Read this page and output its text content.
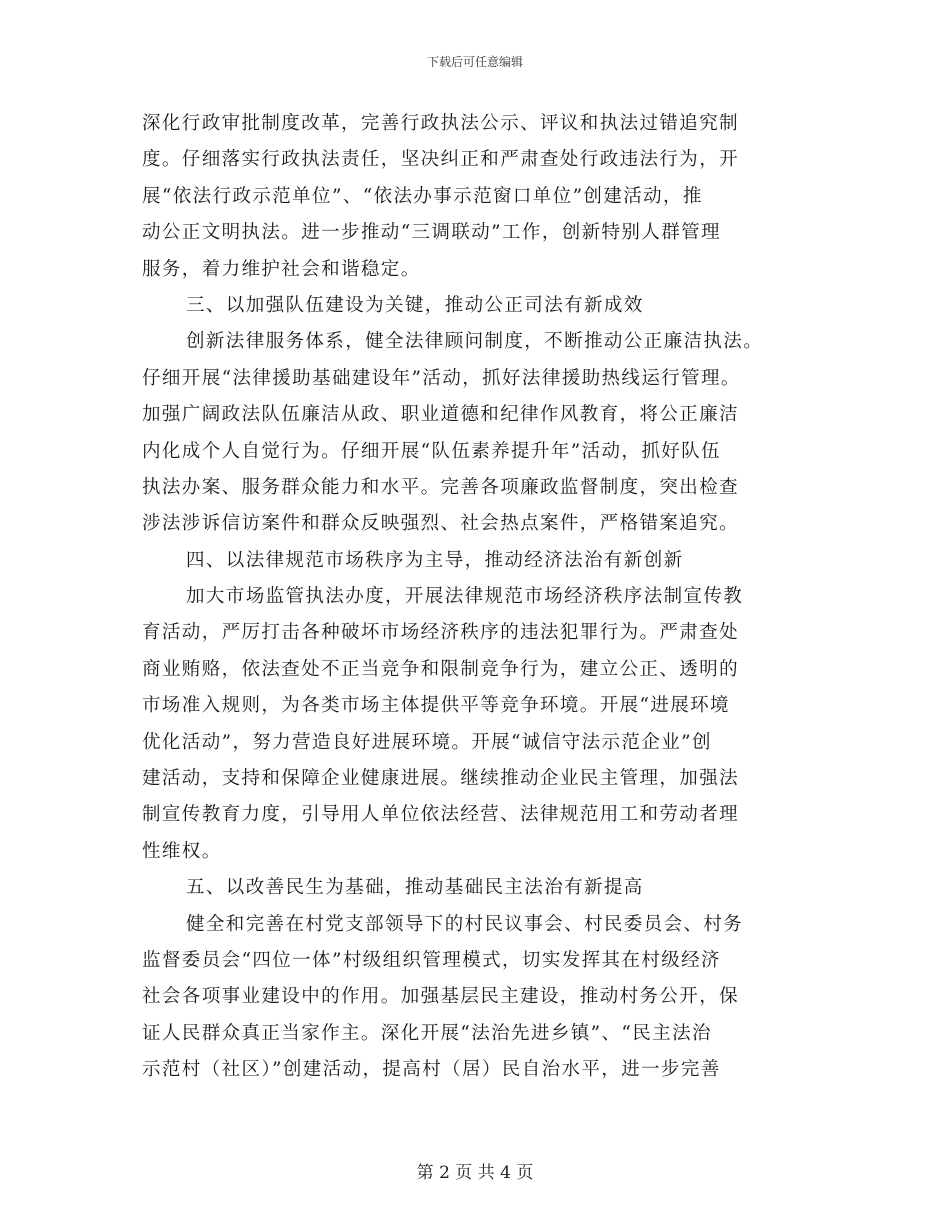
下载后可任意编辑
深化行政审批制度改革，完善行政执法公示、评议和执法过错追究制
度。仔细落实行政执法责任，坚决纠正和严肃查处行政违法行为，开
展“依法行政示范单位”、“依法办事示范窗口单位”创建活动，推
动公正文明执法。进一步推动“三调联动”工作，创新特别人群管理
服务，着力维护社会和谐稳定。
三、以加强队伍建设为关键，推动公正司法有新成效
创新法律服务体系，健全法律顾问制度，不断推动公正廉洁执法。
仔细开展“法律援助基础建设年”活动，抓好法律援助热线运行管理。
加强广阔政法队伍廉洁从政、职业道德和纪律作风教育，将公正廉洁
内化成个人自觉行为。仔细开展“队伍素养提升年”活动，抓好队伍
执法办案、服务群众能力和水平。完善各项廉政监督制度，突出检查
涉法涉诉信访案件和群众反映强烈、社会热点案件，严格错案追究。
四、以法律规范市场秩序为主导，推动经济法治有新创新
加大市场监管执法办度，开展法律规范市场经济秩序法制宣传教
育活动，严厉打击各种破坏市场经济秩序的违法犯罪行为。严肃查处
商业贿赂，依法查处不正当竞争和限制竞争行为，建立公正、透明的
市场准入规则，为各类市场主体提供平等竞争环境。开展“进展环境
优化活动”，努力营造良好进展环境。开展“诚信守法示范企业”创
建活动，支持和保障企业健康进展。继续推动企业民主管理，加强法
制宣传教育力度，引导用人单位依法经营、法律规范用工和劳动者理
性维权。
五、以改善民生为基础，推动基础民主法治有新提高
健全和完善在村党支部领导下的村民议事会、村民委员会、村务
监督委员会“四位一体”村级组织管理模式，切实发挥其在村级经济
社会各项事业建设中的作用。加强基层民主建设，推动村务公开，保
证人民群众真正当家作主。深化开展“法治先进乡镇”、“民主法治
示范村（社区）”创建活动，提高村（居）民自治水平，进一步完善
第 2 页 共 4 页
